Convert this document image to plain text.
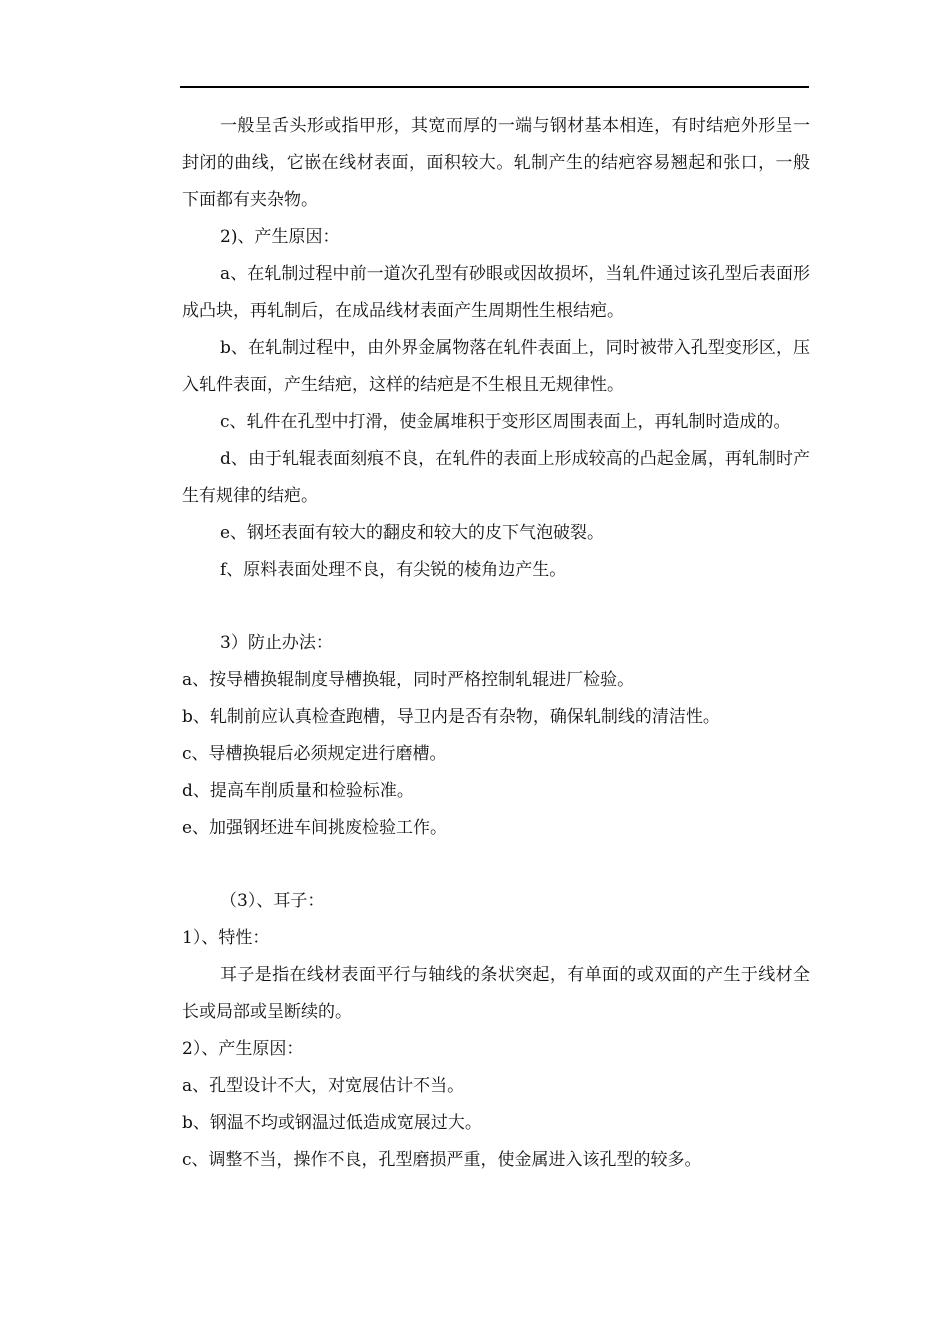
一般呈舌头形或指甲形，其宽而厚的一端与钢材基本相连，有时结疤外形呈一封闭的曲线，它嵌在线材表面，面积较大。轧制产生的结疤容易翘起和张口，一般下面都有夹杂物。

2)、产生原因：

a、在轧制过程中前一道次孔型有砂眼或因故损坏，当轧件通过该孔型后表面形成凸块，再轧制后，在成品线材表面产生周期性生根结疤。

b、在轧制过程中，由外界金属物落在轧件表面上，同时被带入孔型变形区，压入轧件表面，产生结疤，这样的结疤是不生根且无规律性。

c、轧件在孔型中打滑，使金属堆积于变形区周围表面上，再轧制时造成的。

d、由于轧辊表面刻痕不良，在轧件的表面上形成较高的凸起金属，再轧制时产生有规律的结疤。

e、钢坯表面有较大的翻皮和较大的皮下气泡破裂。

f、原料表面处理不良，有尖锐的棱角边产生。

3）防止办法：

a、按导槽换辊制度导槽换辊，同时严格控制轧辊进厂检验。

b、轧制前应认真检查跑槽，导卫内是否有杂物，确保轧制线的清洁性。

c、导槽换辊后必须规定进行磨槽。

d、提高车削质量和检验标准。

e、加强钢坯进车间挑废检验工作。

（3）、耳子：

1）、特性：

耳子是指在线材表面平行与轴线的条状突起，有单面的或双面的产生于线材全长或局部或呈断续的。

2）、产生原因：

a、孔型设计不大，对宽展估计不当。

b、钢温不均或钢温过低造成宽展过大。

c、调整不当，操作不良，孔型磨损严重，使金属进入该孔型的较多。
